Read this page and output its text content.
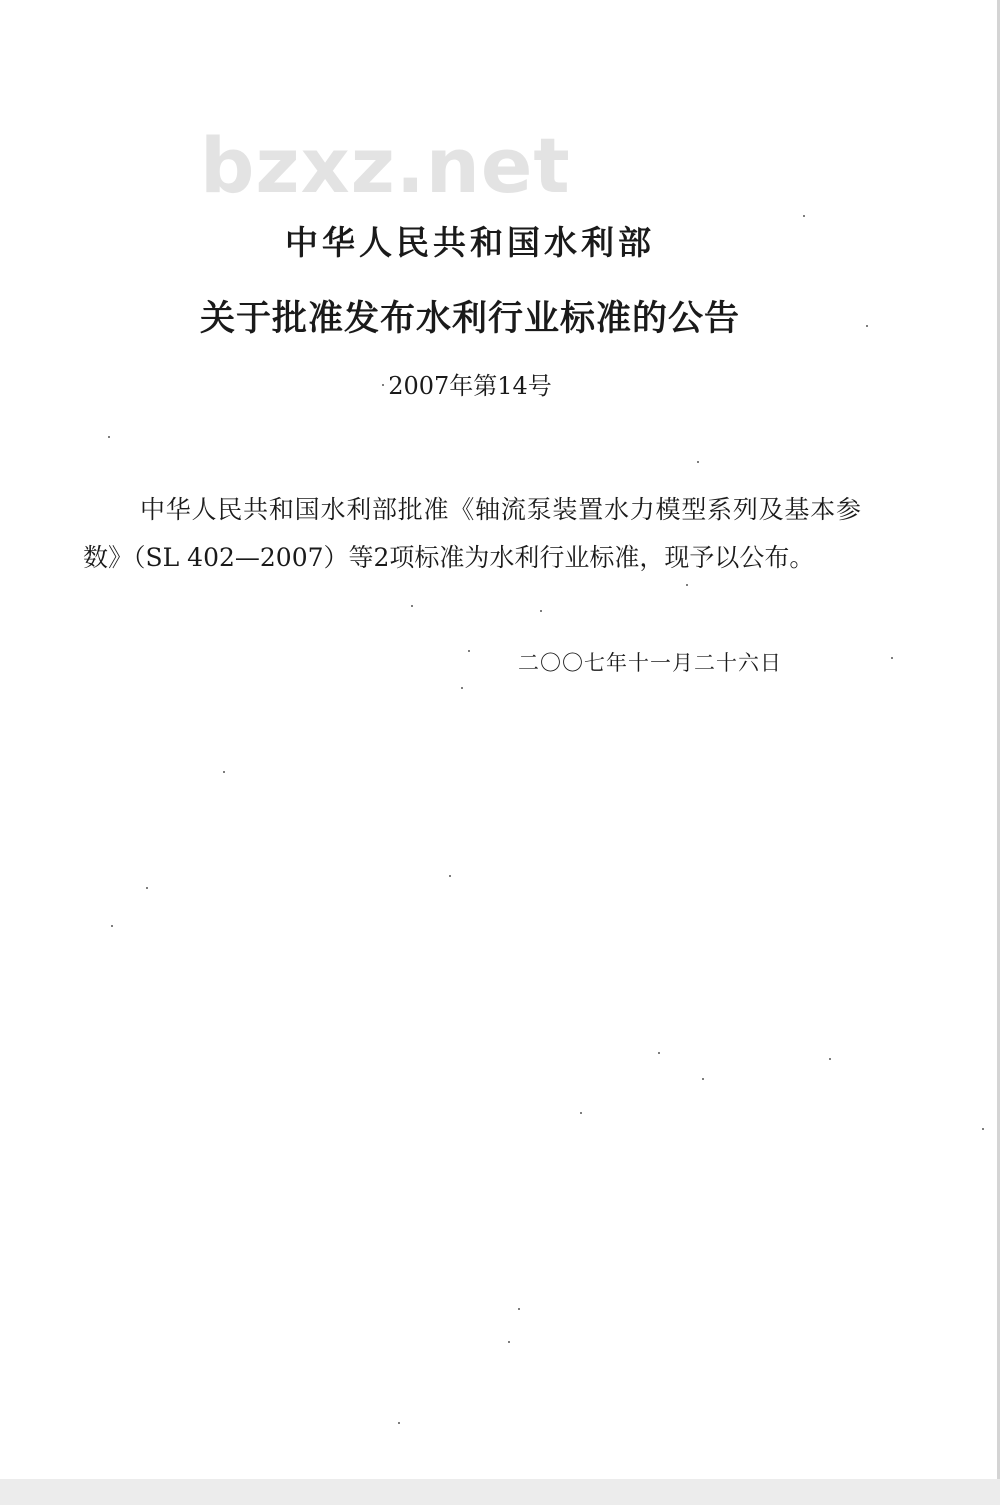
bzxz.net
中华人民共和国水利部
关于批准发布水利行业标准的公告
2007年第14号
中华人民共和国水利部批准《轴流泵装置水力模型系列及基本参数》（SL 402—2007）等2项标准为水利行业标准，现予以公布。
二〇〇七年十一月二十六日
